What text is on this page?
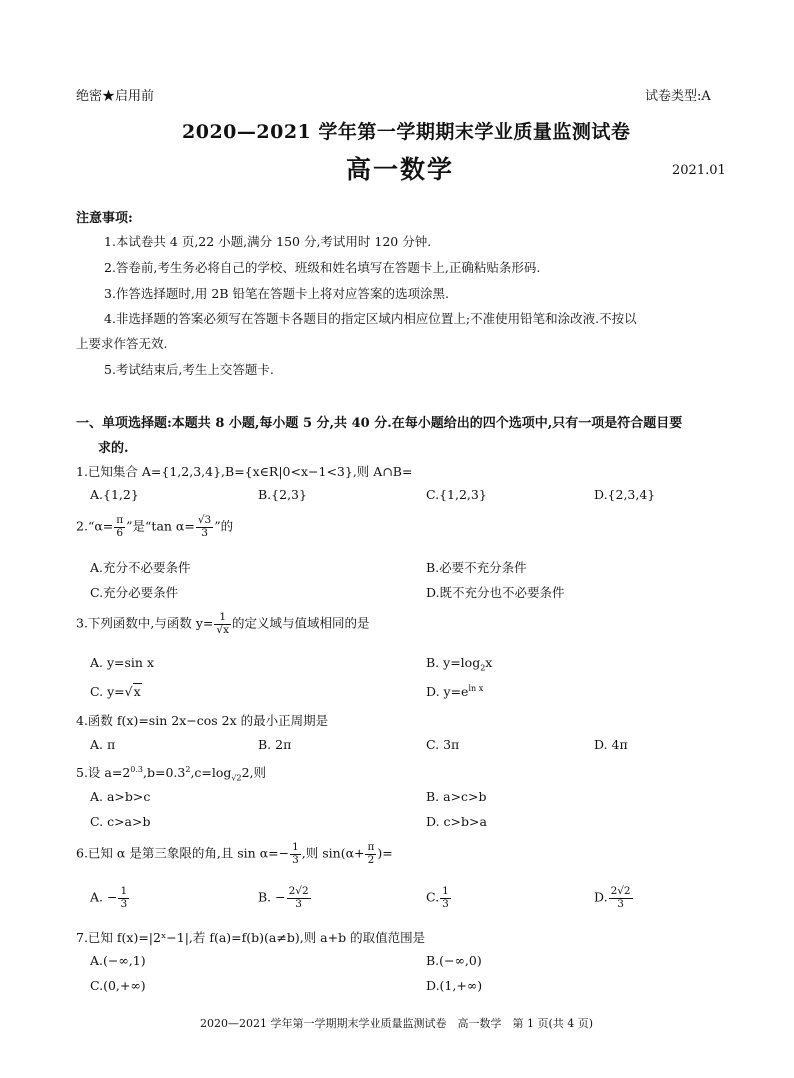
绝密★启用前	试卷类型:A
2020—2021 学年第一学期期末学业质量监测试卷
高一数学	2021.01
注意事项:
1.本试卷共 4 页,22 小题,满分 150 分,考试用时 120 分钟.
2.答卷前,考生务必将自己的学校、班级和姓名填写在答题卡上,正确粘贴条形码.
3.作答选择题时,用 2B 铅笔在答题卡上将对应答案的选项涂黑.
4.非选择题的答案必须写在答题卡各题目的指定区域内相应位置上;不准使用铅笔和涂改液.不按以
上要求作答无效.
5.考试结束后,考生上交答题卡.
一、单项选择题:本题共 8 小题,每小题 5 分,共 40 分.在每小题给出的四个选项中,只有一项是符合题目要
求的.
1.已知集合 A={1,2,3,4},B={x∈R|0<x−1<3},则 A∩B=
A.{1,2}	B.{2,3}	C.{1,2,3}	D.{2,3,4}
2.“α= $\frac{\pi}{6}$ ”是“tan $\alpha= \frac{√3}{3}$ ”的
A.充分不必要条件	B.必要不充分条件
C.充分必要条件	D.既不充分也不必要条件
3.下列函数中,与函数 $y= \frac{1}{√x}$ 的定义域与值域相同的是
A. y=sin x	B. $y=\log_2x$
C. y=√x	D. $y=e^{ln x}$
4.函数 f(x)=sin 2x−cos 2x 的最小正周期是
A. π	B. 2π	C. 3π	D. 4π
5.设 $a=2^{0.3},b=0.3^2,c=\log_{√2}2$,则
A. a>b>c	B. a>c>b
C. c>a>b	D. c>b>a
6.已知 α 是第三象限的角,且 $\sin \alpha=- \frac{1}{3}$ ,则 $\sin(\alpha+ \frac{\pi}{2}$ )=
A. − $\frac{1}{3}$	B. − $\frac{2√2}{3}$	C. $\frac{1}{3}$	D. $\frac{2√2}{3}$
7.已知 f(x)=|2ˣ−1|,若 f(a)=f(b)(a≠b),则 a+b 的取值范围是
A.(−∞,1)	B.(−∞,0)
C.(0,+∞)	D.(1,+∞)
2020—2021 学年第一学期期末学业质量监测试卷　高一数学　第 1 页(共 4 页)
